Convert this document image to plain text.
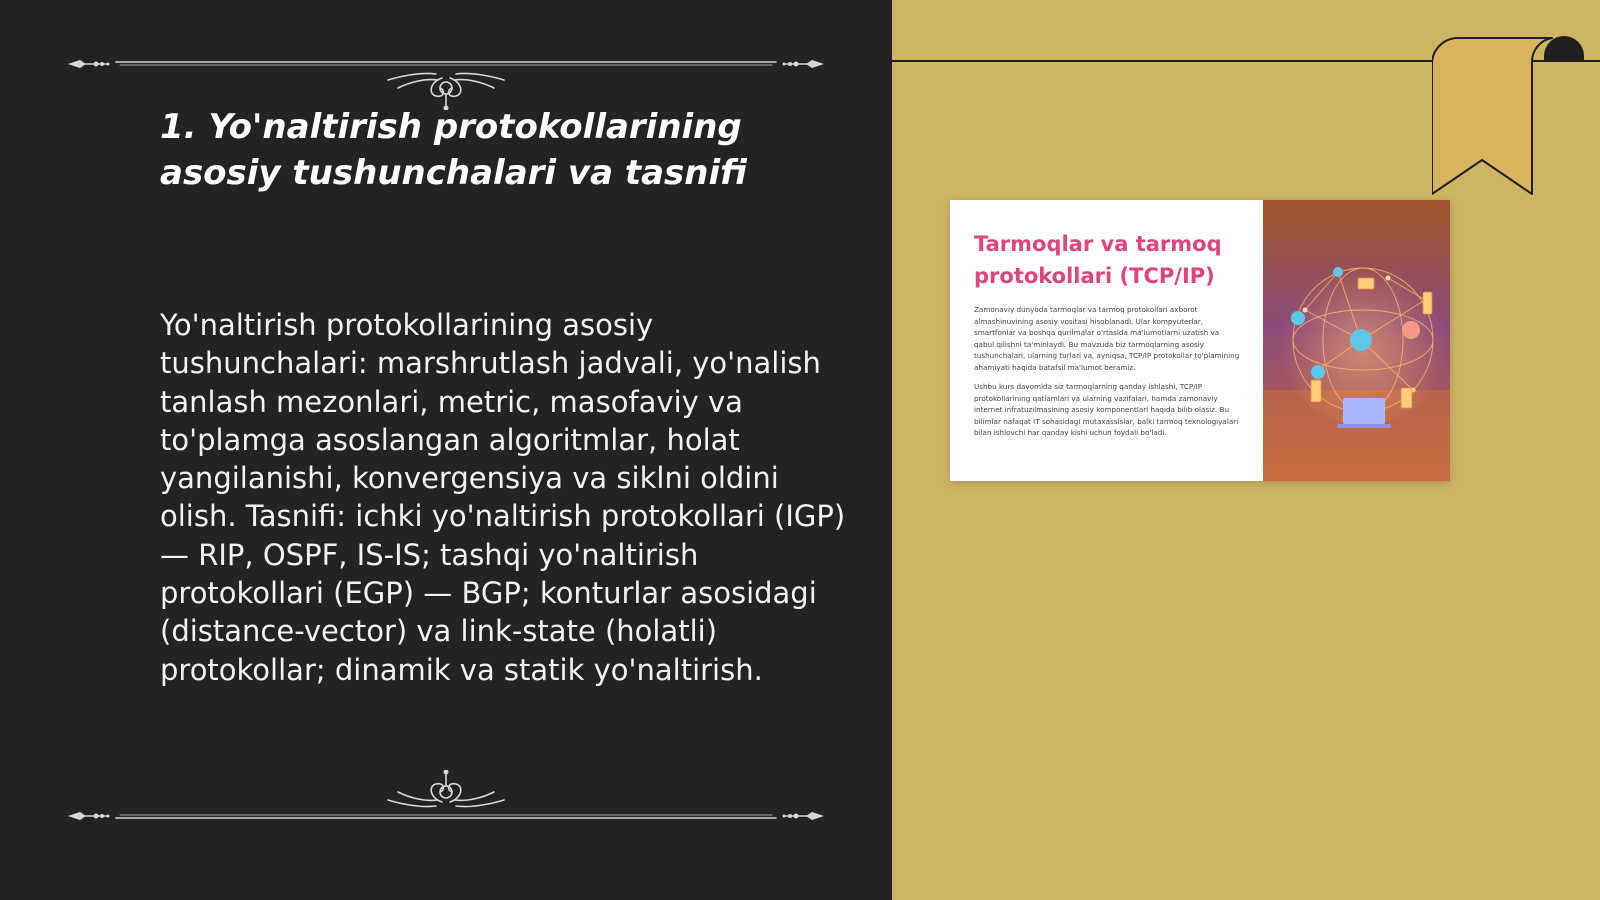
1. Yo'naltirish protokollarining asosiy tushunchalari va tasnifi

Yo'naltirish protokollarining asosiy tushunchalari: marshrutlash jadvali, yo'nalish tanlash mezonlari, metric, masofaviy va to'plamga asoslangan algoritmlar, holat yangilanishi, konvergensiya va siklni oldini olish. Tasnifi: ichki yo'naltirish protokollari (IGP) — RIP, OSPF, IS-IS; tashqi yo'naltirish protokollari (EGP) — BGP; konturlar asosidagi (distance-vector) va link-state (holatli) protokollar; dinamik va statik yo'naltirish.

Tarmoqlar va tarmoq protokollari (TCP/IP)

Zamonaviy dunyoda tarmoqlar va tarmoq protokollari axborot almashinuvining asosiy vositasi hisoblanadi. Ular kompyuterlar, smartfonlar va boshqa qurilmalar o'rtasida ma'lumotlarni uzatish va qabul qilishni ta'minlaydi. Bu mavzuda biz tarmoqlarning asosiy tushunchalari, ularning turlari va, ayniqsa, TCP/IP protokollar to'plamining ahamiyati haqida batafsil ma'lumot beramiz.

Ushbu kurs davomida siz tarmoqlarning qanday ishlashi, TCP/IP protokollarining qatlamlari va ularning vazifalari, hamda zamonaviy internet infratuzilmasining asosiy komponentlari haqida bilib olasiz. Bu bilimlar nafaqat IT sohasidagi mutaxassislar, balki tarmoq texnologiyalari bilan ishlovchi har qanday kishi uchun foydali bo'ladi.
